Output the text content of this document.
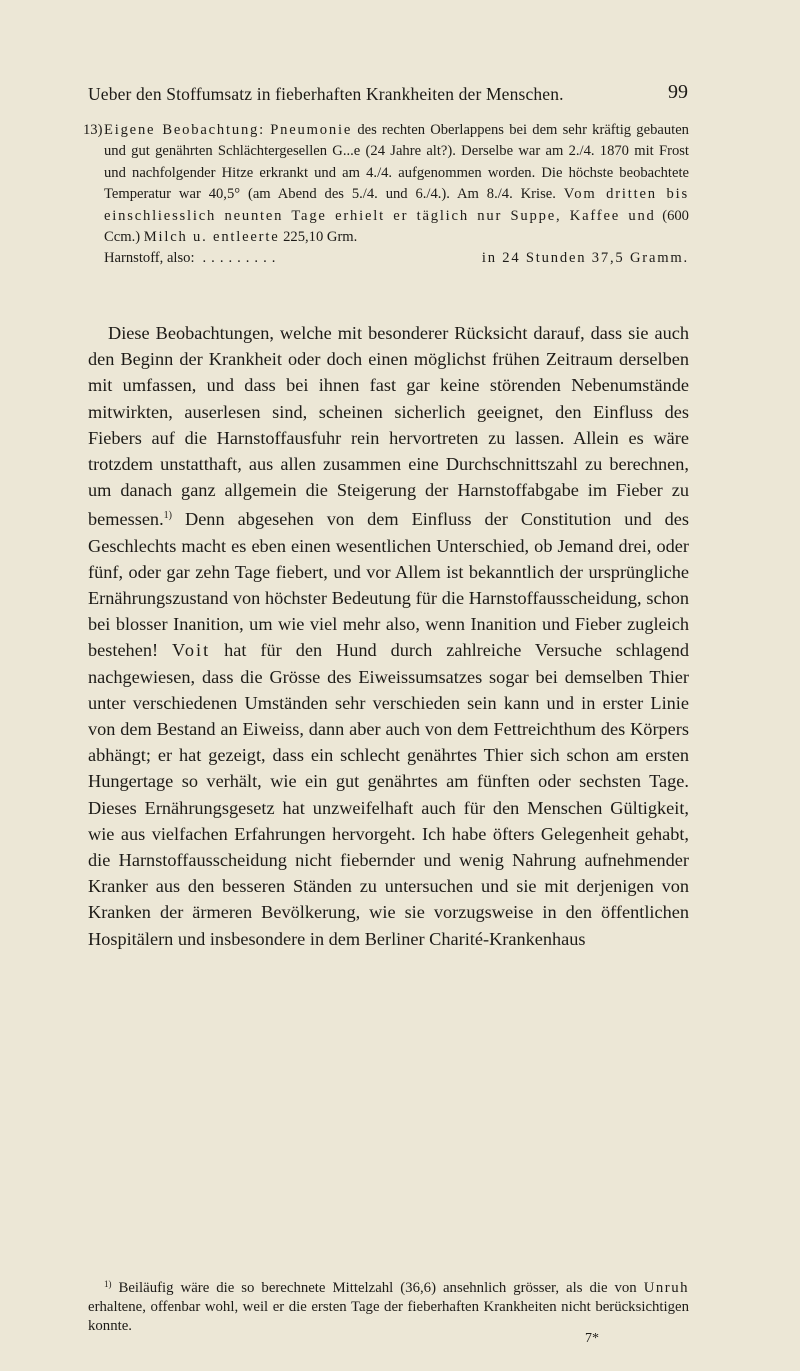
Ueber den Stoffumsatz in fieberhaften Krankheiten der Menschen.	99
13) Eigene Beobachtung: Pneumonie des rechten Oberlappens bei dem sehr kräftig gebauten und gut genährten Schlächtergesellen G...e (24 Jahre alt?). Derselbe war am 2./4. 1870 mit Frost und nachfolgender Hitze erkrankt und am 4./4. aufgenommen worden. Die höchste beobachtete Temperatur war 40,5° (am Abend des 5./4. und 6./4.). Am 8./4. Krise. Vom dritten bis einschliesslich neunten Tage erhielt er täglich nur Suppe, Kaffee und (600 Ccm.) Milch u. entleerte 225,10 Grm.
Harnstoff, also: .........	in 24 Stunden 37,5 Gramm.

Diese Beobachtungen, welche mit besonderer Rücksicht darauf, dass sie auch den Beginn der Krankheit oder doch einen möglichst frühen Zeitraum derselben mit umfassen, und dass bei ihnen fast gar keine störenden Nebenumstände mitwirkten, auserlesen sind, scheinen sicherlich geeignet, den Einfluss des Fiebers auf die Harnstoffausfuhr rein hervortreten zu lassen. Allein es wäre trotzdem unstatthaft, aus allen zusammen eine Durchschnittszahl zu berechnen, um danach ganz allgemein die Steigerung der Harnstoffabgabe im Fieber zu bemessen.$^{1)}$ Denn abgesehen von dem Einfluss der Constitution und des Geschlechts macht es eben einen wesentlichen Unterschied, ob Jemand drei, oder fünf, oder gar zehn Tage fiebert, und vor Allem ist bekanntlich der ursprüngliche Ernährungszustand von höchster Bedeutung für die Harnstoffausscheidung, schon bei blosser Inanition, um wie viel mehr also, wenn Inanition und Fieber zugleich bestehen! Voit hat für den Hund durch zahlreiche Versuche schlagend nachgewiesen, dass die Grösse des Eiweissumsatzes sogar bei demselben Thier unter verschiedenen Umständen sehr verschieden sein kann und in erster Linie von dem Bestand an Eiweiss, dann aber auch von dem Fettreichthum des Körpers abhängt; er hat gezeigt, dass ein schlecht genährtes Thier sich schon am ersten Hungertage so verhält, wie ein gut genährtes am fünften oder sechsten Tage. Dieses Ernährungsgesetz hat unzweifelhaft auch für den Menschen Gültigkeit, wie aus vielfachen Erfahrungen hervorgeht. Ich habe öfters Gelegenheit gehabt, die Harnstoffausscheidung nicht fiebernder und wenig Nahrung aufnehmender Kranker aus den besseren Ständen zu untersuchen und sie mit derjenigen von Kranken der ärmeren Bevölkerung, wie sie vorzugsweise in den öffentlichen Hospitälern und insbesondere in dem Berliner Charité-Krankenhaus

$^{1)}$ Beiläufig wäre die so berechnete Mittelzahl (36,6) ansehnlich grösser, als die von Unruh erhaltene, offenbar wohl, weil er die ersten Tage der fieberhaften Krankheiten nicht berücksichtigen konnte.

7*
